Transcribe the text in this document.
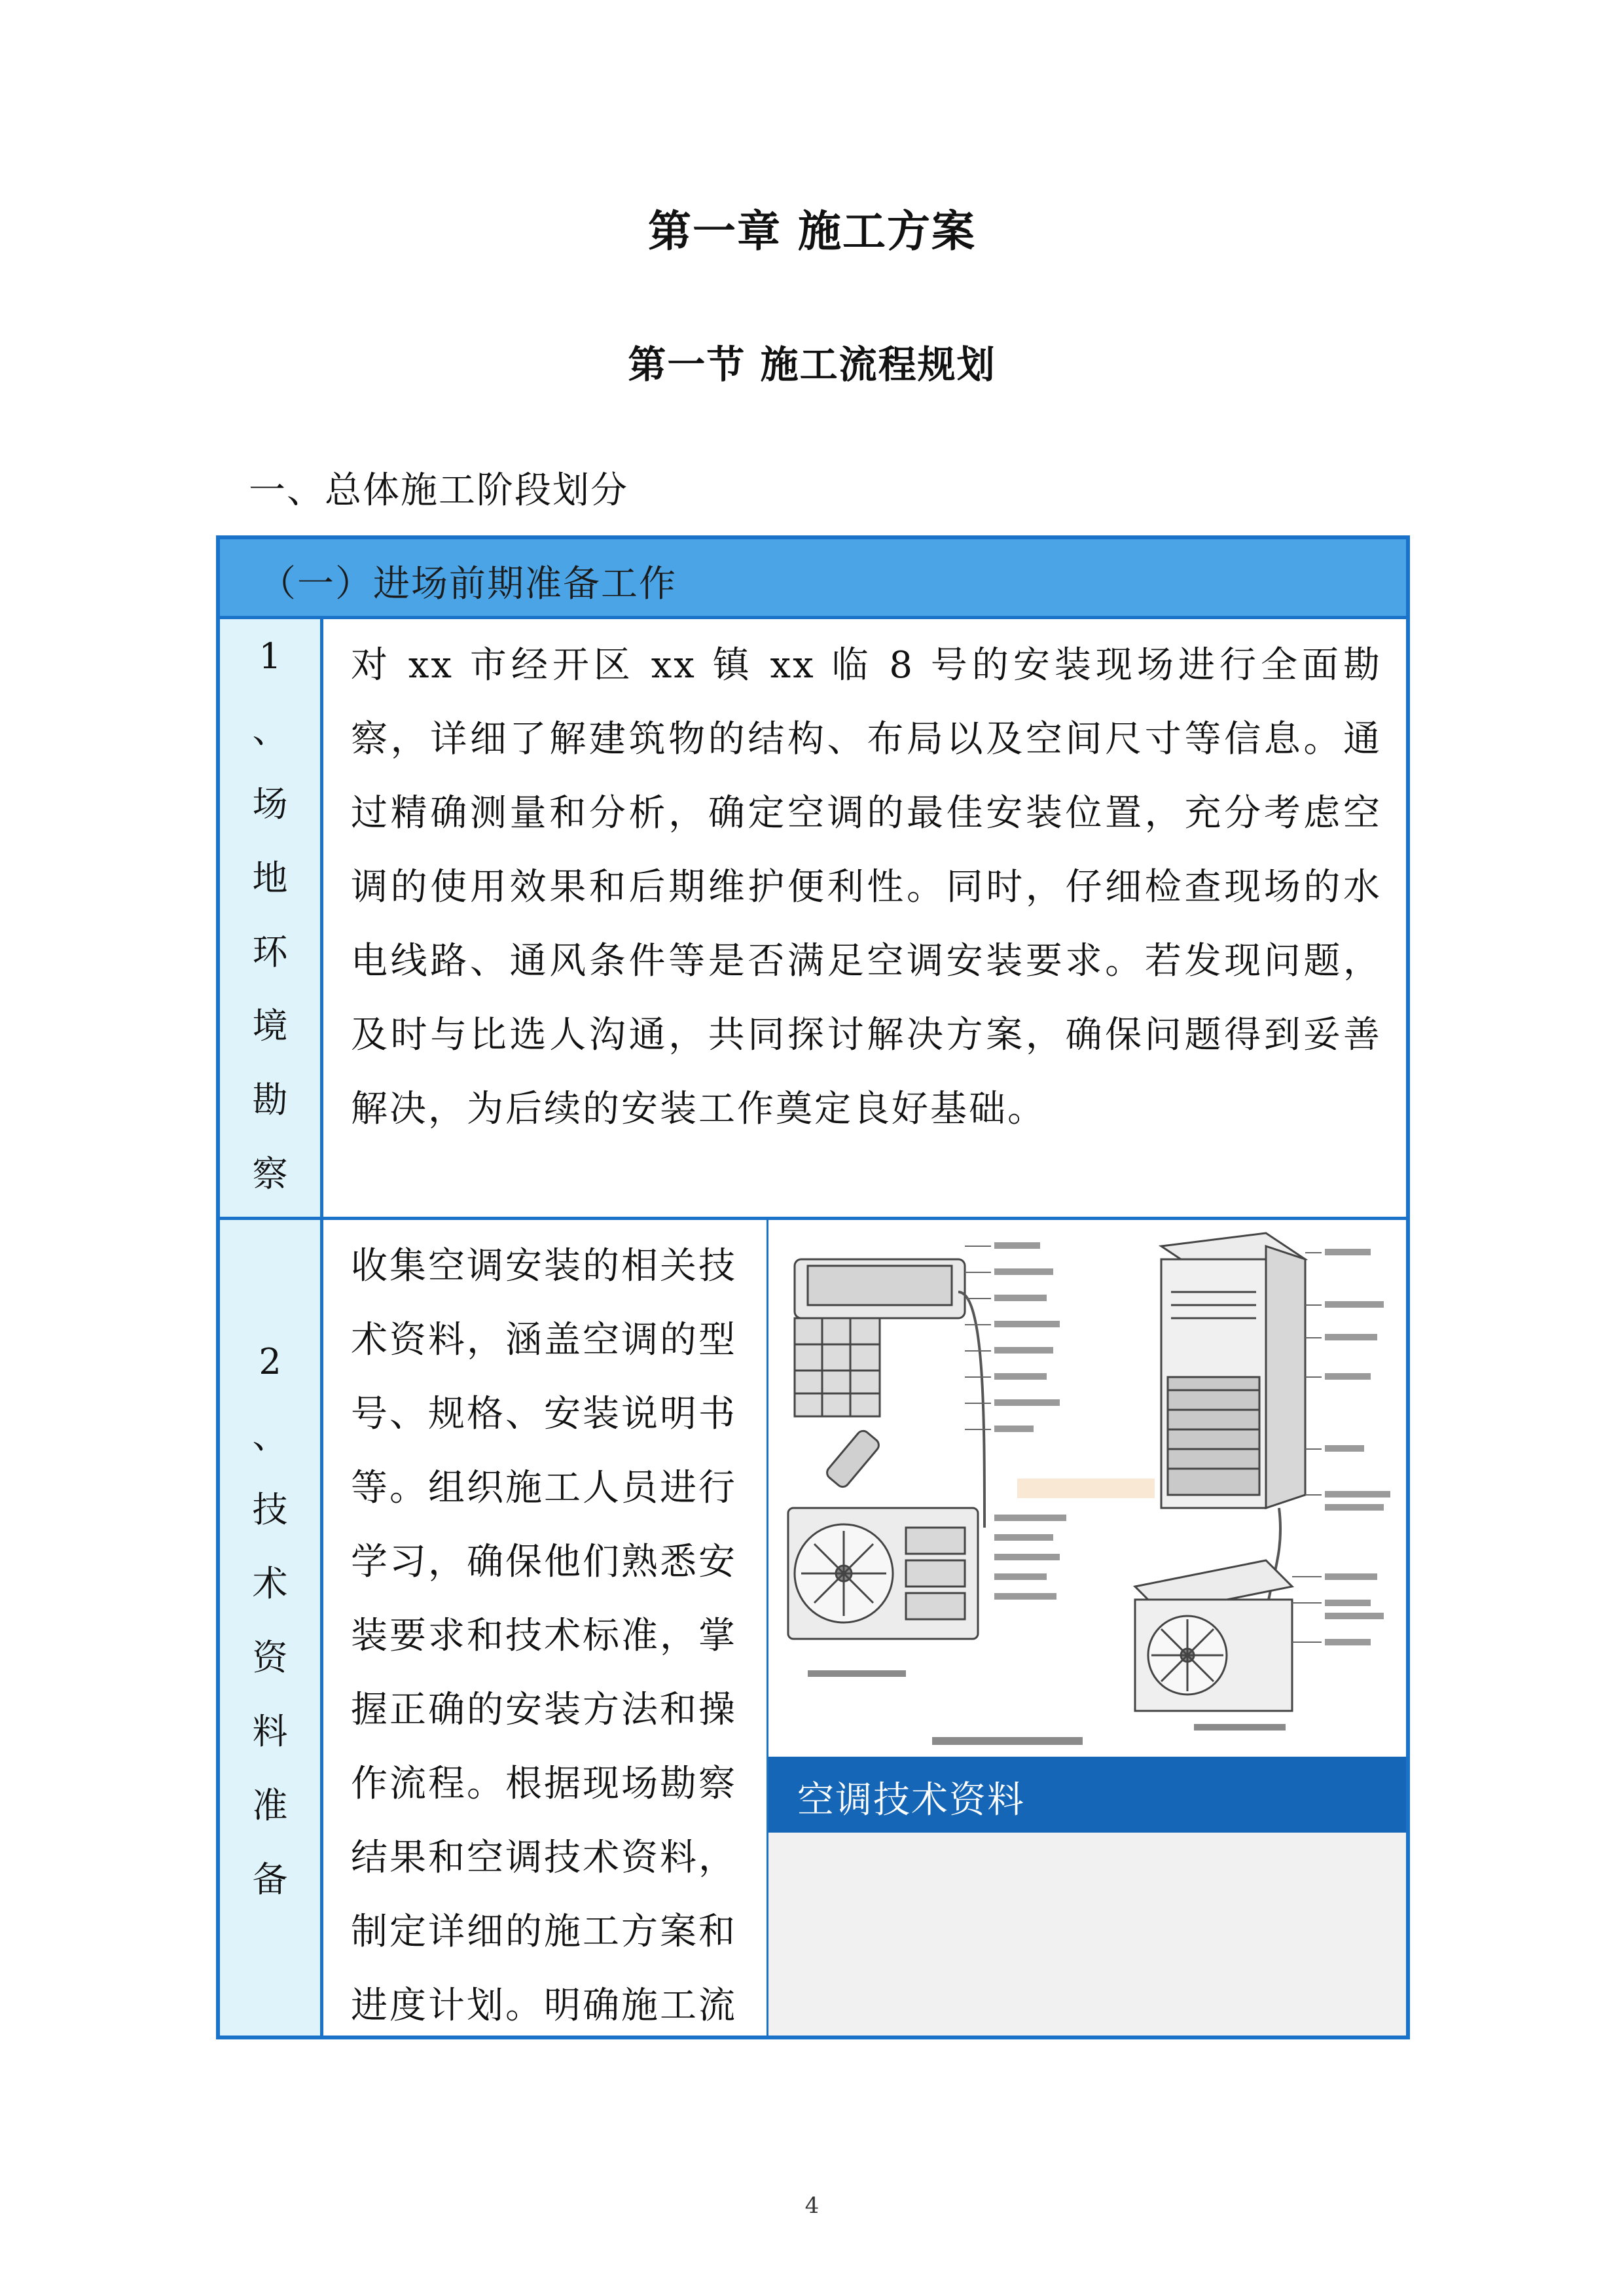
第一章 施工方案
第一节 施工流程规划
一、总体施工阶段划分
（一）进场前期准备工作
1
、
场
地
环
境
勘
察
对 xx 市经开区 xx 镇 xx 临 8 号的安装现场进行全面勘察，详细了解建筑物的结构、布局以及空间尺寸等信息。通过精确测量和分析，确定空调的最佳安装位置，充分考虑空调的使用效果和后期维护便利性。同时，仔细检查现场的水电线路、通风条件等是否满足空调安装要求。若发现问题，及时与比选人沟通，共同探讨解决方案，确保问题得到妥善解决，为后续的安装工作奠定良好基础。
2
、
技
术
资
料
准
备
收集空调安装的相关技术资料，涵盖空调的型号、规格、安装说明书等。组织施工人员进行学习，确保他们熟悉安装要求和技术标准，掌握正确的安装方法和操作流程。根据现场勘察结果和空调技术资料，制定详细的施工方案和进度计划。明确施工流
空调技术资料
4
